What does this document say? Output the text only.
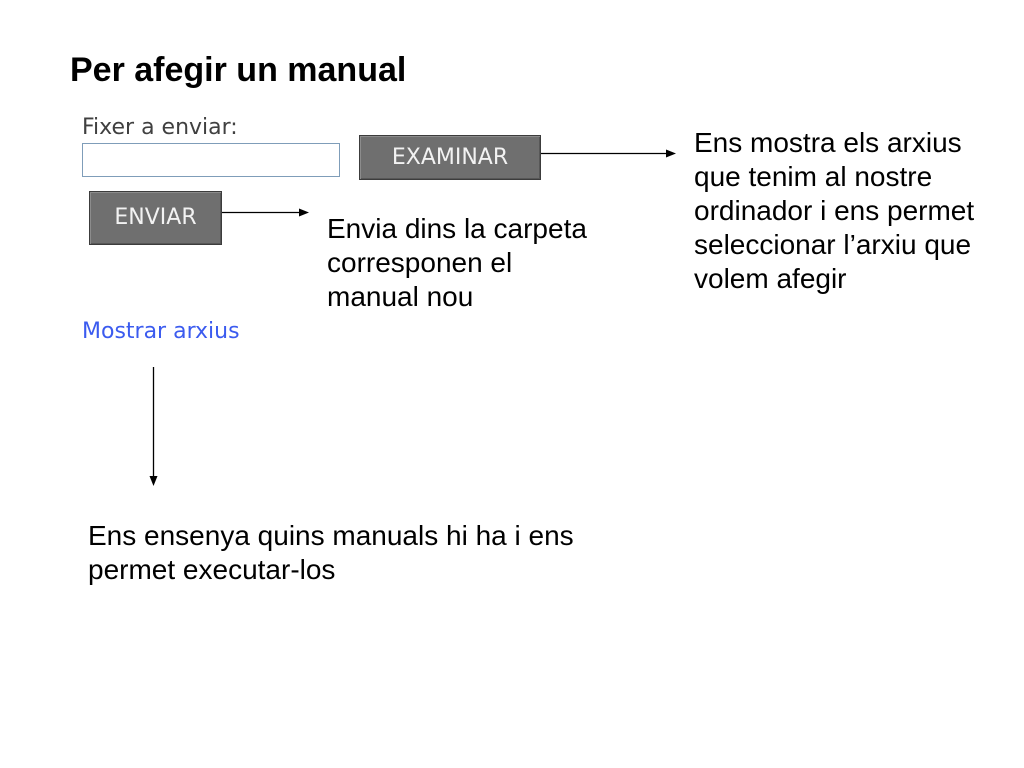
Per afegir un manual
Fixer a enviar:
EXAMINAR
ENVIAR
Mostrar arxius
Ens mostra els arxius
que tenim al nostre
ordinador i ens permet
seleccionar l’arxiu que
volem afegir
Envia dins la carpeta
corresponen el
manual nou
Ens ensenya quins manuals hi ha i ens
permet executar-los
